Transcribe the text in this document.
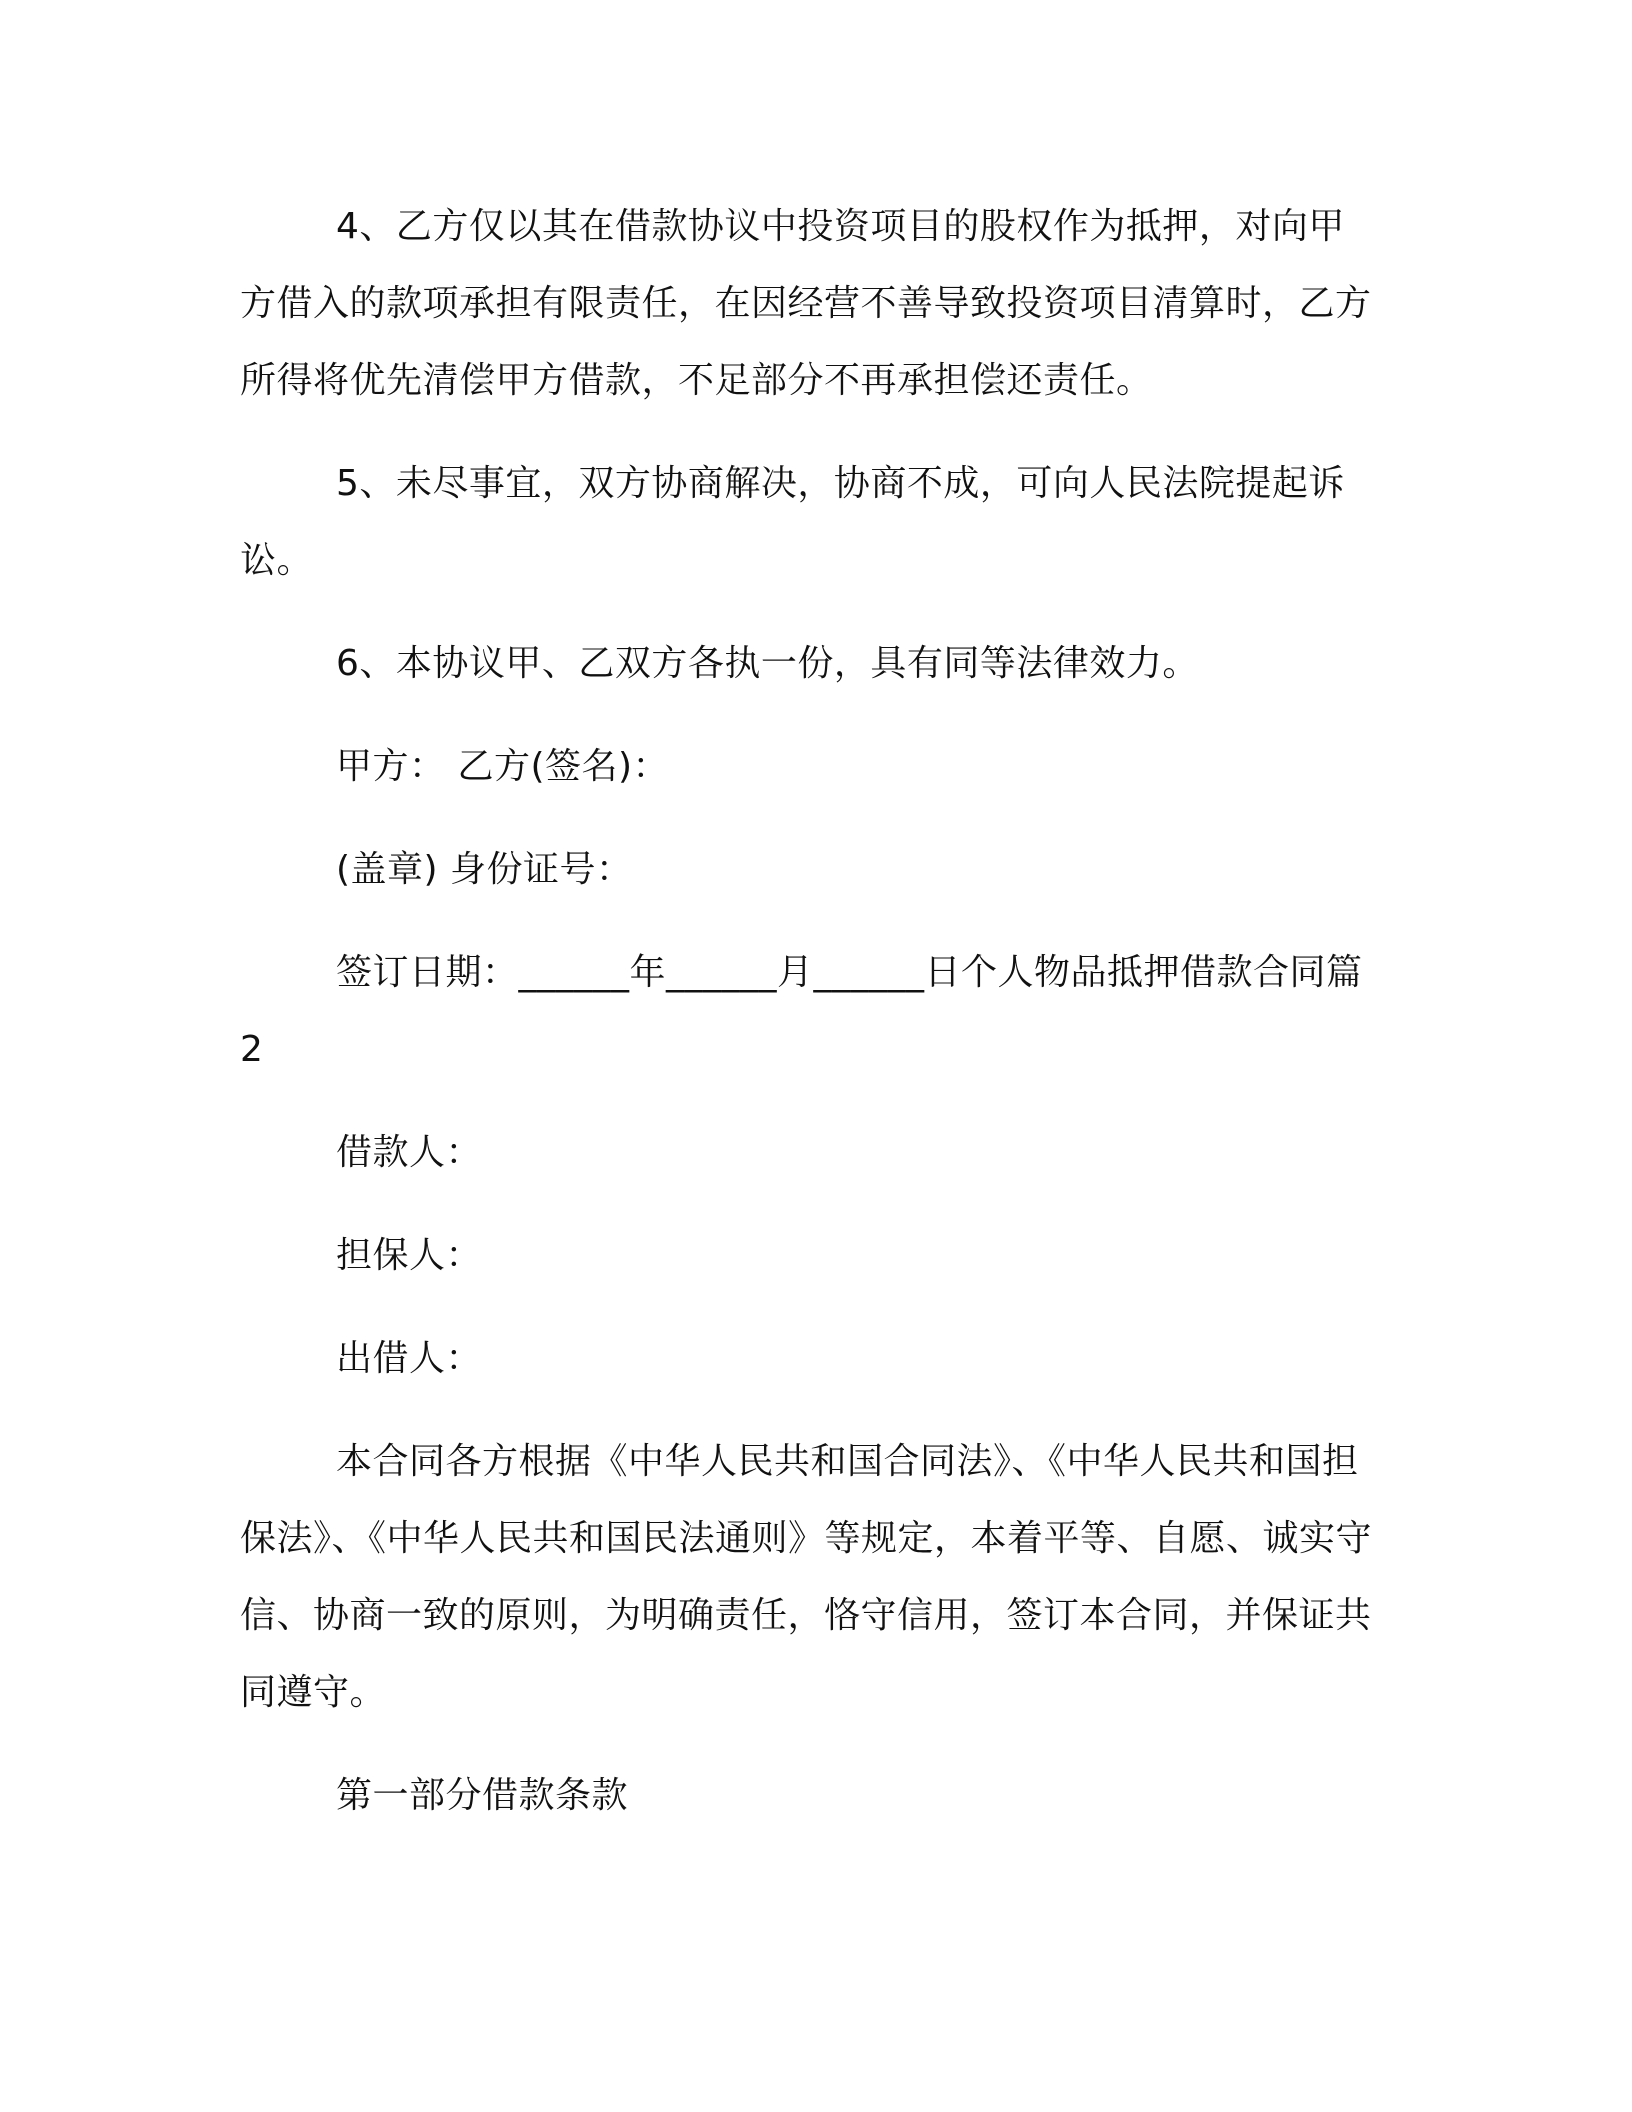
4、乙方仅以其在借款协议中投资项目的股权作为抵押，对向甲方借入的款项承担有限责任，在因经营不善导致投资项目清算时，乙方所得将优先清偿甲方借款，不足部分不再承担偿还责任。

5、未尽事宜，双方协商解决，协商不成，可向人民法院提起诉讼。

6、本协议甲、乙双方各执一份，具有同等法律效力。

甲方： 乙方(签名)：

(盖章) 身份证号：

签订日期：______年______月______日个人物品抵押借款合同篇 2

借款人：

担保人：

出借人：

本合同各方根据《中华人民共和国合同法》、《中华人民共和国担保法》、《中华人民共和国民法通则》等规定，本着平等、自愿、诚实守信、协商一致的原则，为明确责任，恪守信用，签订本合同，并保证共同遵守。

第一部分借款条款
